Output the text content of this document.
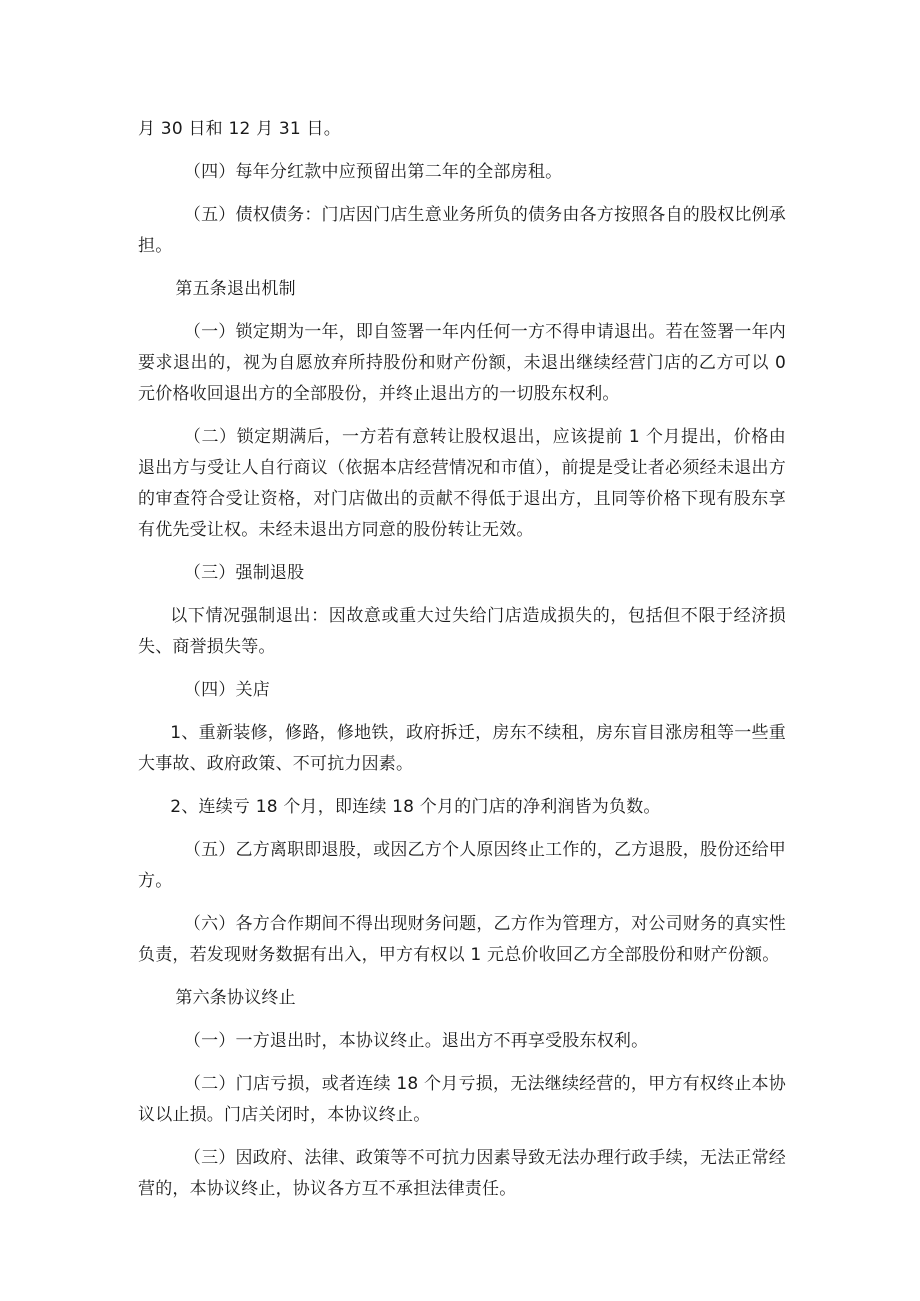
月 30 日和 12 月 31 日。

（四）每年分红款中应预留出第二年的全部房租。

（五）债权债务：门店因门店生意业务所负的债务由各方按照各自的股权比例承担。

第五条退出机制

（一）锁定期为一年，即自签署一年内任何一方不得申请退出。若在签署一年内要求退出的，视为自愿放弃所持股份和财产份额，未退出继续经营门店的乙方可以 0 元价格收回退出方的全部股份，并终止退出方的一切股东权利。

（二）锁定期满后，一方若有意转让股权退出，应该提前 1 个月提出，价格由退出方与受让人自行商议（依据本店经营情况和市值），前提是受让者必须经未退出方的审查符合受让资格，对门店做出的贡献不得低于退出方，且同等价格下现有股东享有优先受让权。未经未退出方同意的股份转让无效。

（三）强制退股

以下情况强制退出：因故意或重大过失给门店造成损失的，包括但不限于经济损失、商誉损失等。

（四）关店

1、重新装修，修路，修地铁，政府拆迁，房东不续租，房东盲目涨房租等一些重大事故、政府政策、不可抗力因素。

2、连续亏 18 个月，即连续 18 个月的门店的净利润皆为负数。

（五）乙方离职即退股，或因乙方个人原因终止工作的，乙方退股，股份还给甲方。

（六）各方合作期间不得出现财务问题，乙方作为管理方，对公司财务的真实性负责，若发现财务数据有出入，甲方有权以 1 元总价收回乙方全部股份和财产份额。

第六条协议终止

（一）一方退出时，本协议终止。退出方不再享受股东权利。

（二）门店亏损，或者连续 18 个月亏损，无法继续经营的，甲方有权终止本协议以止损。门店关闭时，本协议终止。

（三）因政府、法律、政策等不可抗力因素导致无法办理行政手续，无法正常经营的，本协议终止，协议各方互不承担法律责任。
